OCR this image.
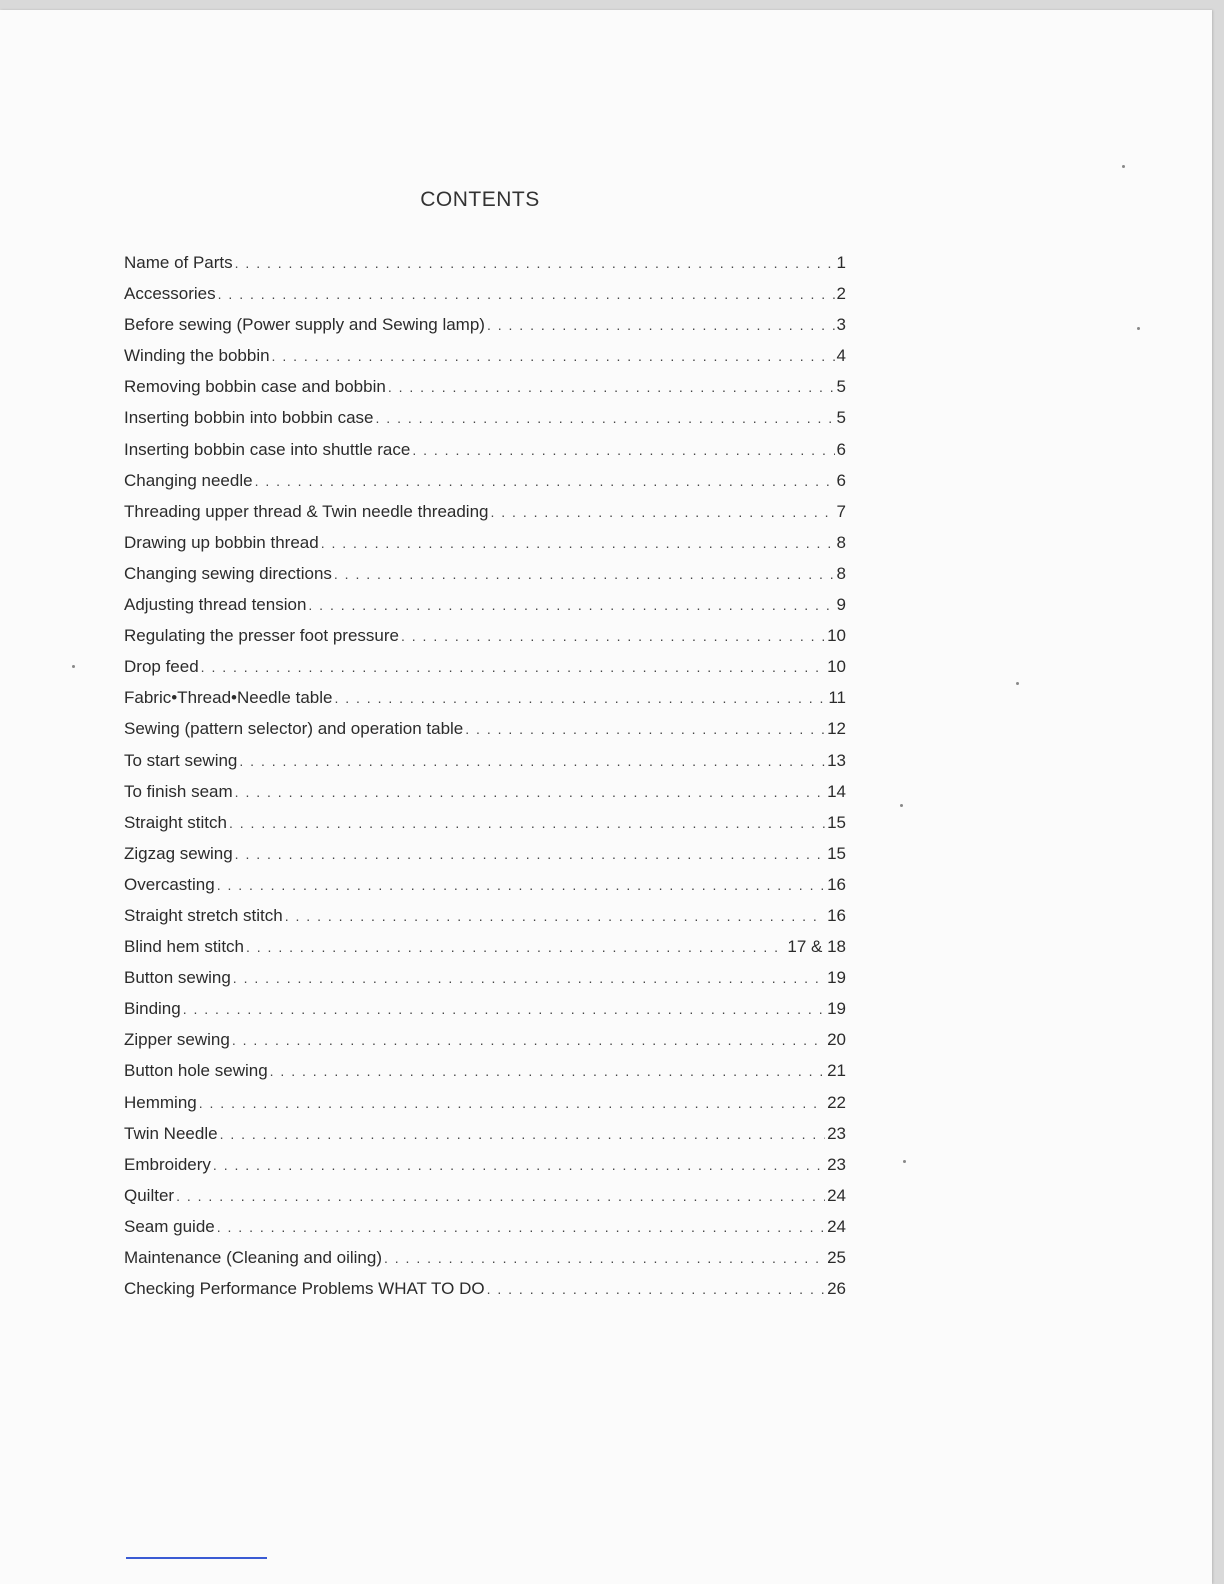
CONTENTS
Name of Parts . . .	1
Accessories . . .	2
Before sewing (Power supply and Sewing lamp) . . .	3
Winding the bobbin . . .	4
Removing bobbin case and bobbin . . .	5
Inserting bobbin into bobbin case . . .	5
Inserting bobbin case into shuttle race . . .	6
Changing needle . . .	6
Threading upper thread & Twin needle threading . . .	7
Drawing up bobbin thread . . .	8
Changing sewing directions . . .	8
Adjusting thread tension . . .	9
Regulating the presser foot pressure . . .	10
Drop feed . . .	10
Fabric•Thread•Needle table . . .	11
Sewing (pattern selector) and operation table . . .	12
To start sewing . . .	13
To finish seam . . .	14
Straight stitch . . .	15
Zigzag sewing . . .	15
Overcasting . . .	16
Straight stretch stitch . . .	16
Blind hem stitch . . .	17 & 18
Button sewing . . .	19
Binding . . .	19
Zipper sewing . . .	20
Button hole sewing . . .	21
Hemming . . .	22
Twin Needle . . .	23
Embroidery . . .	23
Quilter . . .	24
Seam guide . . .	24
Maintenance (Cleaning and oiling) . . .	25
Checking Performance Problems WHAT TO DO . . .	26
